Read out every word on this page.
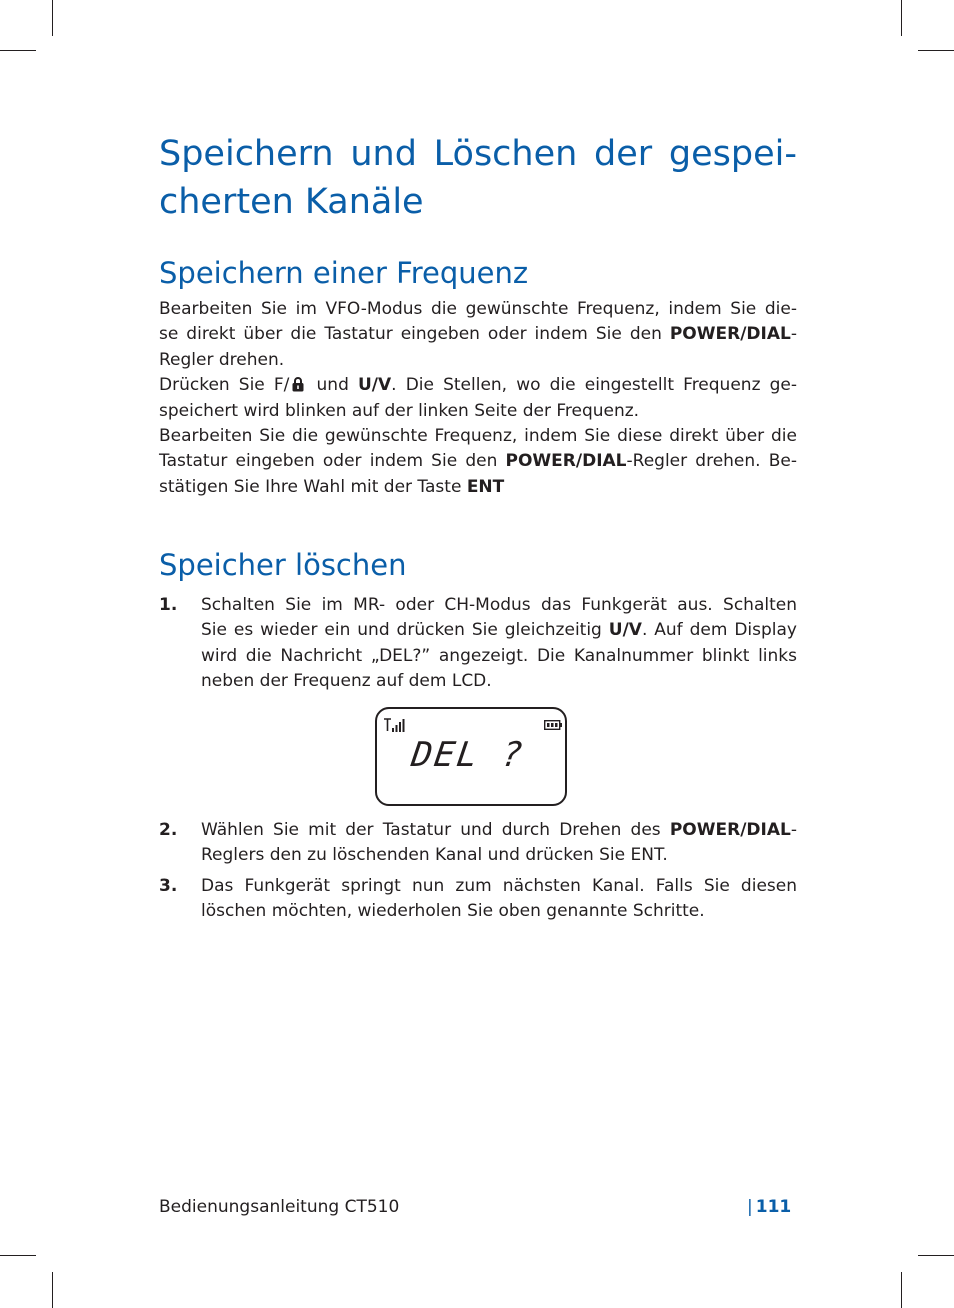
Speichern und Löschen der gespei-
cherten Kanäle
Speichern einer Frequenz
Bearbeiten Sie im VFO-Modus die gewünschte Frequenz, indem Sie die-
se direkt über die Tastatur eingeben oder indem Sie den POWER/DIAL-
Regler drehen.
Drücken Sie F/ und U/V. Die Stellen, wo die eingestellt Frequenz ge-
speichert wird blinken auf der linken Seite der Frequenz.
Bearbeiten Sie die gewünschte Frequenz, indem Sie diese direkt über die
Tastatur eingeben oder indem Sie den POWER/DIAL-Regler drehen. Be-
stätigen Sie Ihre Wahl mit der Taste ENT
Speicher löschen
1. Schalten Sie im MR- oder CH-Modus das Funkgerät aus. Schalten
Sie es wieder ein und drücken Sie gleichzeitig U/V. Auf dem Display
wird die Nachricht „DEL?” angezeigt. Die Kanalnummer blinkt links
neben der Frequenz auf dem LCD.
DEL ?
2. Wählen Sie mit der Tastatur und durch Drehen des POWER/DIAL-
Reglers den zu löschenden Kanal und drücken Sie ENT.
3. Das Funkgerät springt nun zum nächsten Kanal. Falls Sie diesen
löschen möchten, wiederholen Sie oben genannte Schritte.
Bedienungsanleitung CT510	| 111
